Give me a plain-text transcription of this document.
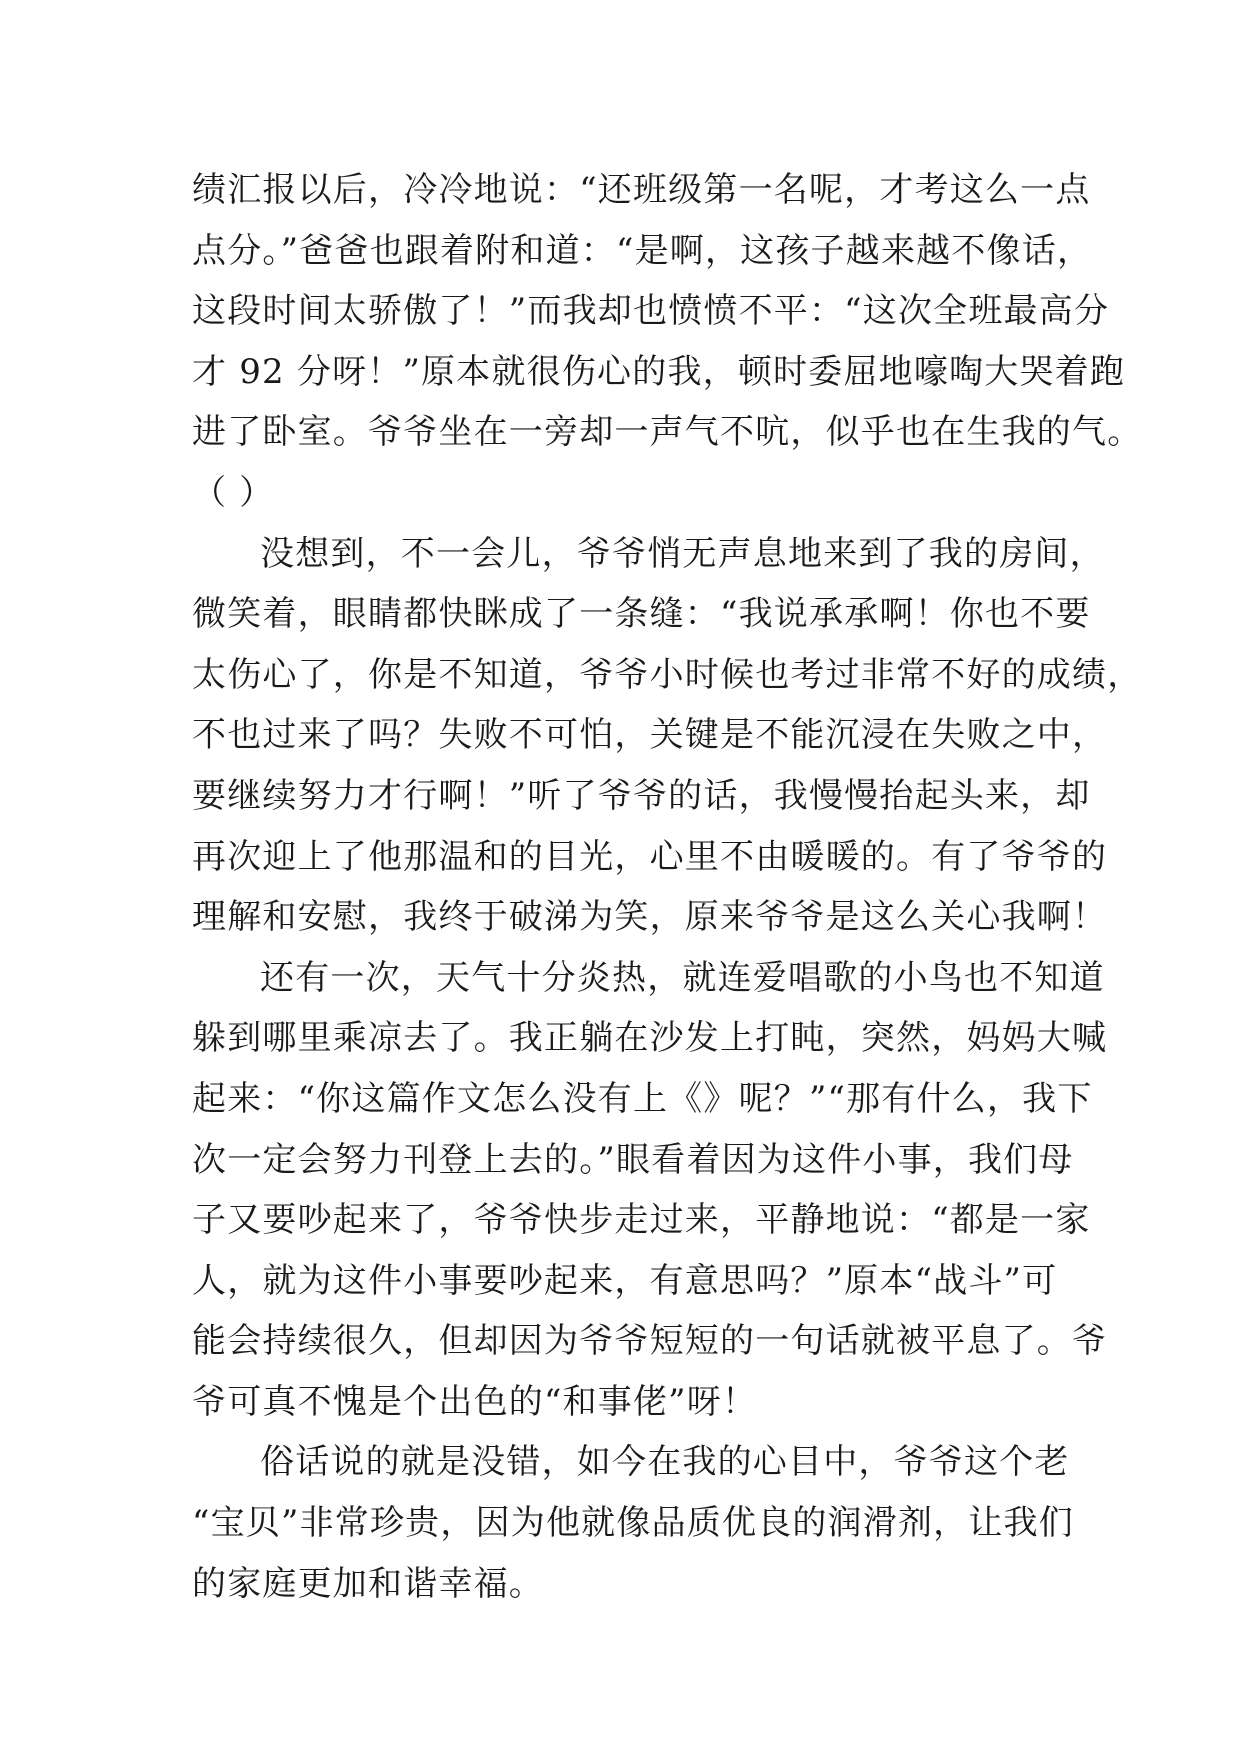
绩汇报以后，冷冷地说：“还班级第一名呢，才考这么一点
点分。”爸爸也跟着附和道：“是啊，这孩子越来越不像话，
这段时间太骄傲了！”而我却也愤愤不平：“这次全班最高分
才 92 分呀！”原本就很伤心的我，顿时委屈地嚎啕大哭着跑
进了卧室。爷爷坐在一旁却一声气不吭，似乎也在生我的气。
（ ）
没想到，不一会儿，爷爷悄无声息地来到了我的房间，
微笑着，眼睛都快眯成了一条缝：“我说承承啊！你也不要
太伤心了，你是不知道，爷爷小时候也考过非常不好的成绩，
不也过来了吗？失败不可怕，关键是不能沉浸在失败之中，
要继续努力才行啊！”听了爷爷的话，我慢慢抬起头来，却
再次迎上了他那温和的目光，心里不由暖暖的。有了爷爷的
理解和安慰，我终于破涕为笑，原来爷爷是这么关心我啊！
还有一次，天气十分炎热，就连爱唱歌的小鸟也不知道
躲到哪里乘凉去了。我正躺在沙发上打盹，突然，妈妈大喊
起来：“你这篇作文怎么没有上《》呢？”“那有什么，我下
次一定会努力刊登上去的。”眼看着因为这件小事，我们母
子又要吵起来了，爷爷快步走过来，平静地说：“都是一家
人，就为这件小事要吵起来，有意思吗？”原本“战斗”可
能会持续很久，但却因为爷爷短短的一句话就被平息了。爷
爷可真不愧是个出色的“和事佬”呀！
俗话说的就是没错，如今在我的心目中，爷爷这个老
“宝贝”非常珍贵，因为他就像品质优良的润滑剂，让我们
的家庭更加和谐幸福。
